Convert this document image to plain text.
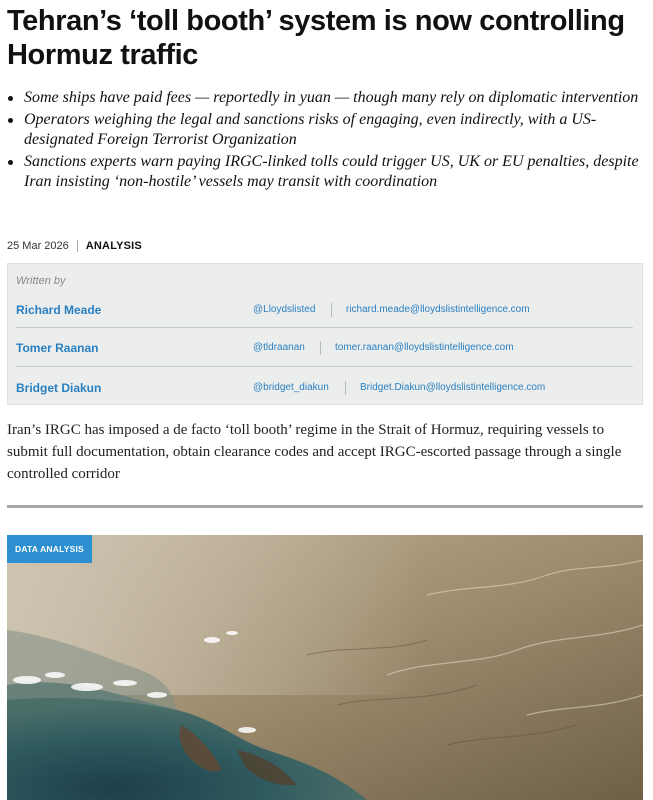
Tehran’s ‘toll booth’ system is now controlling Hormuz traffic
Some ships have paid fees — reportedly in yuan — though many rely on diplomatic intervention
Operators weighing the legal and sanctions risks of engaging, even indirectly, with a US-designated Foreign Terrorist Organization
Sanctions experts warn paying IRGC-linked tolls could trigger US, UK or EU penalties, despite Iran insisting ‘non-hostile’ vessels may transit with coordination
25 Mar 2026 ANALYSIS
Written by
Richard Meade	@Lloydslisted	richard.meade@lloydslistintelligence.com
Tomer Raanan	@tldraanan	tomer.raanan@lloydslistintelligence.com
Bridget Diakun	@bridget_diakun	Bridget.Diakun@lloydslistintelligence.com

Iran’s IRGC has imposed a de facto ‘toll booth’ regime in the Strait of Hormuz, requiring vessels to submit full documentation, obtain clearance codes and accept IRGC-escorted passage through a single controlled corridor

DATA ANALYSIS
